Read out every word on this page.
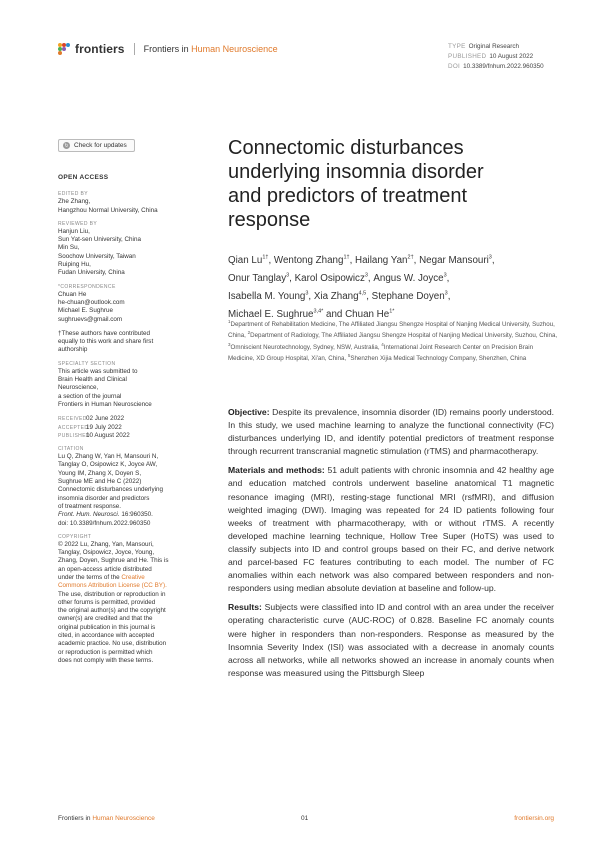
frontiers Frontiers in Human Neuroscience	TYPE Original Research
PUBLISHED 10 August 2022
DOI 10.3389/fnhum.2022.960350
↻ Check for updates
OPEN ACCESS
EDITED BY
Zhe Zhang,
Hangzhou Normal University, China
REVIEWED BY
Hanjun Liu,
Sun Yat-sen University, China
Min Su,
Soochow University, Taiwan
Ruiping Hu,
Fudan University, China
*CORRESPONDENCE
Chuan He
he-chuan@outlook.com
Michael E. Sughrue
sughruevs@gmail.com
†These authors have contributed
equally to this work and share first
authorship
SPECIALTY SECTION
This article was submitted to
Brain Health and Clinical
Neuroscience,
a section of the journal
Frontiers in Human Neuroscience
RECEIVED02 June 2022
ACCEPTED19 July 2022
PUBLISHED10 August 2022
CITATION
Lu Q, Zhang W, Yan H, Mansouri N,
Tanglay O, Osipowicz K, Joyce AW,
Young IM, Zhang X, Doyen S,
Sughrue ME and He C (2022)
Connectomic disturbances underlying
insomnia disorder and predictors
of treatment response.
Front. Hum. Neurosci. 16:960350.
doi: 10.3389/fnhum.2022.960350
COPYRIGHT
© 2022 Lu, Zhang, Yan, Mansouri,
Tanglay, Osipowicz, Joyce, Young,
Zhang, Doyen, Sughrue and He. This is
an open-access article distributed
under the terms of the Creative
Commons Attribution License (CC BY).
The use, distribution or reproduction in
other forums is permitted, provided
the original author(s) and the copyright
owner(s) are credited and that the
original publication in this journal is
cited, in accordance with accepted
academic practice. No use, distribution
or reproduction is permitted which
does not comply with these terms.
Connectomic disturbances
underlying insomnia disorder
and predictors of treatment
response
Qian $Lu^{1\dagger}$, Wentong Zhang$^{1\dagger}$, Hailang Yan$^{2\dagger}$, Negar Mansouri$^3$,
Onur Tanglay$^3$, Karol Osipowicz$^3$, Angus W. Joyce$^3$,
Isabella M. Young$^3$, Xia Zhang$^{4,5}$, Stephane Doyen$^3$,
Michael E. Sughrue$^{3,4*}$ and Chuan $He^{1*}$
$^1$Department of Rehabilitation Medicine, The Affiliated Jiangsu Shengze Hospital of Nanjing Medical University, Suzhou, China, $^2$Department of Radiology, The Affiliated Jiangsu Shengze Hospital of Nanjing Medical University, Suzhou, China, $^3$Omniscient Neurotechnology, Sydney, NSW, Australia, $^4$International Joint Research Center on Precision Brain Medicine, XD Group Hospital, Xi'an, China, $^5$Shenzhen Xijia Medical Technology Company, Shenzhen, China

Objective: Despite its prevalence, insomnia disorder (ID) remains poorly understood. In this study, we used machine learning to analyze the functional connectivity (FC) disturbances underlying ID, and identify potential predictors of treatment response through recurrent transcranial magnetic stimulation (rTMS) and pharmacotherapy.

Materials and methods: 51 adult patients with chronic insomnia and 42 healthy age and education matched controls underwent baseline anatomical T1 magnetic resonance imaging (MRI), resting-stage functional MRI (rsfMRI), and diffusion weighted imaging (DWI). Imaging was repeated for 24 ID patients following four weeks of treatment with pharmacotherapy, with or without rTMS. A recently developed machine learning technique, Hollow Tree Super (HoTS) was used to classify subjects into ID and control groups based on their FC, and derive network and parcel-based FC features contributing to each model. The number of FC anomalies within each network was also compared between responders and non-responders using median absolute deviation at baseline and follow-up.

Results: Subjects were classified into ID and control with an area under the receiver operating characteristic curve (AUC-ROC) of 0.828. Baseline FC anomaly counts were higher in responders than non-responders. Response as measured by the Insomnia Severity Index (ISI) was associated with a decrease in anomaly counts across all networks, while all networks showed an increase in anomaly counts when response was measured using the Pittsburgh Sleep

Frontiers in Human Neuroscience	01	frontiersin.org
